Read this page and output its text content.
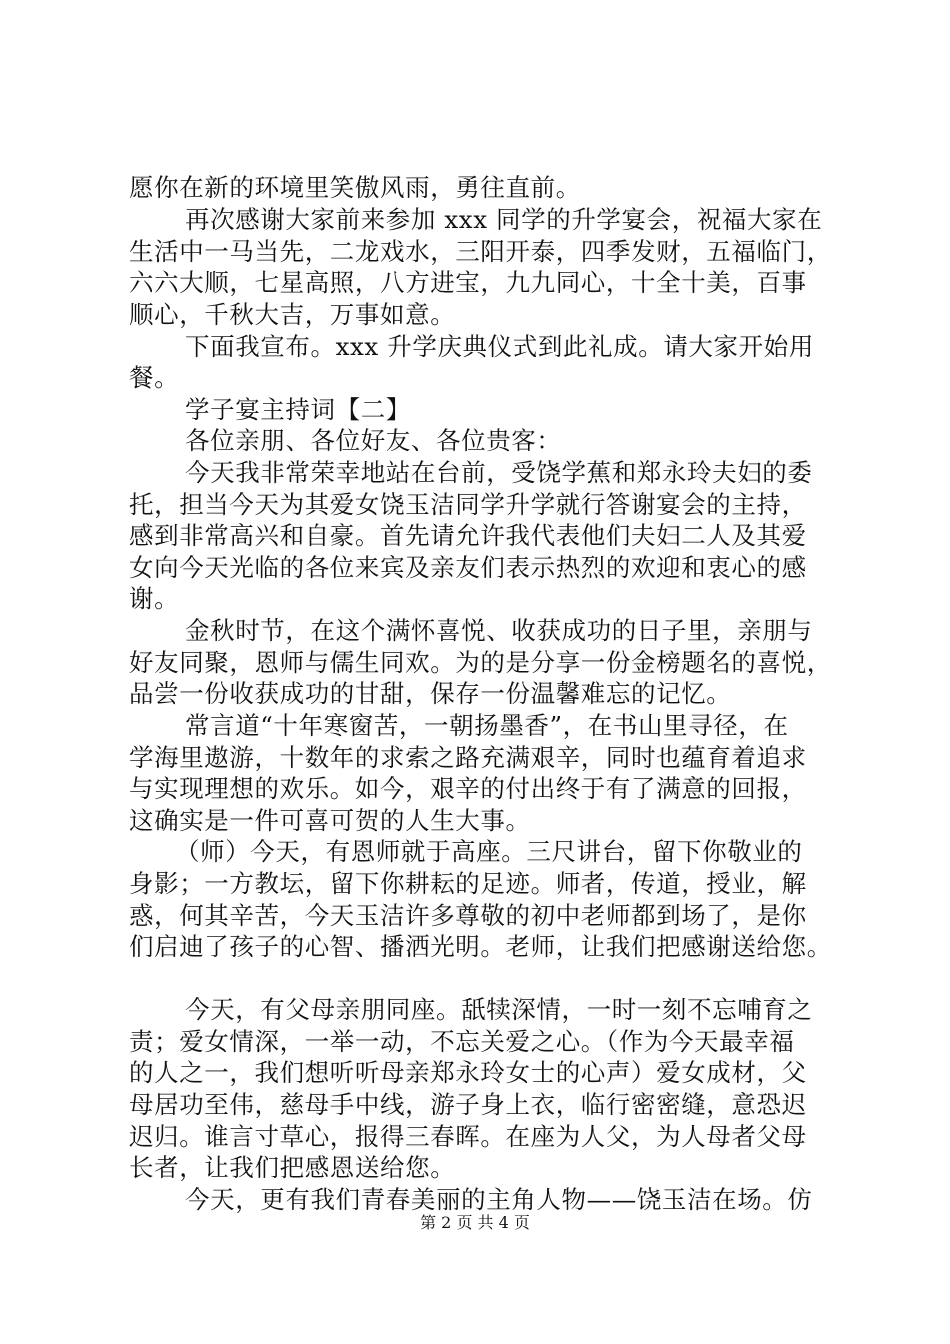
愿你在新的环境里笑傲风雨，勇往直前。
再次感谢大家前来参加 xxx 同学的升学宴会，祝福大家在
生活中一马当先，二龙戏水，三阳开泰，四季发财，五福临门，
六六大顺，七星高照，八方进宝，九九同心，十全十美，百事
顺心，千秋大吉，万事如意。
下面我宣布。xxx 升学庆典仪式到此礼成。请大家开始用
餐。
学子宴主持词【二】
各位亲朋、各位好友、各位贵客：
今天我非常荣幸地站在台前，受饶学蕉和郑永玲夫妇的委
托，担当今天为其爱女饶玉洁同学升学就行答谢宴会的主持，
感到非常高兴和自豪。首先请允许我代表他们夫妇二人及其爱
女向今天光临的各位来宾及亲友们表示热烈的欢迎和衷心的感
谢。
金秋时节，在这个满怀喜悦、收获成功的日子里，亲朋与
好友同聚，恩师与儒生同欢。为的是分享一份金榜题名的喜悦，
品尝一份收获成功的甘甜，保存一份温馨难忘的记忆。
常言道“十年寒窗苦，一朝扬墨香”，在书山里寻径，在
学海里遨游，十数年的求索之路充满艰辛，同时也蕴育着追求
与实现理想的欢乐。如今，艰辛的付出终于有了满意的回报，
这确实是一件可喜可贺的人生大事。
（师）今天，有恩师就于高座。三尺讲台，留下你敬业的
身影；一方教坛，留下你耕耘的足迹。师者，传道，授业，解
惑，何其辛苦，今天玉洁许多尊敬的初中老师都到场了，是你
们启迪了孩子的心智、播洒光明。老师，让我们把感谢送给您。
今天，有父母亲朋同座。舐犊深情，一时一刻不忘哺育之
责；爱女情深，一举一动，不忘关爱之心。（作为今天最幸福
的人之一，我们想听听母亲郑永玲女士的心声）爱女成材，父
母居功至伟，慈母手中线，游子身上衣，临行密密缝，意恐迟
迟归。谁言寸草心，报得三春晖。在座为人父，为人母者父母
长者，让我们把感恩送给您。
今天，更有我们青春美丽的主角人物——饶玉洁在场。仿
第 2 页 共 4 页
